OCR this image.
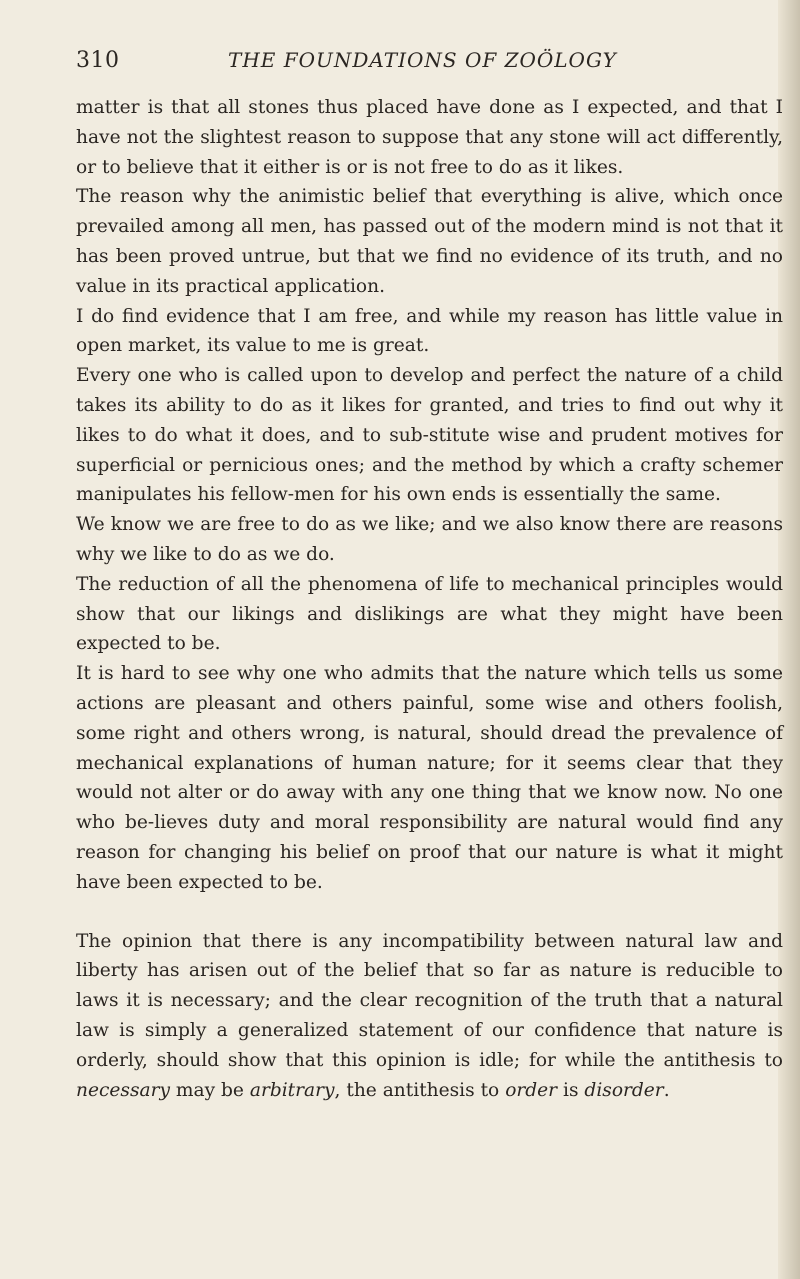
310	THE FOUNDATIONS OF ZOÖLOGY

matter is that all stones thus placed have done as I expected, and that I have not the slightest reason to suppose that any stone will act differently, or to believe that it either is or is not free to do as it likes.

The reason why the animistic belief that everything is alive, which once prevailed among all men, has passed out of the modern mind is not that it has been proved untrue, but that we find no evidence of its truth, and no value in its practical application.

I do find evidence that I am free, and while my reason has little value in open market, its value to me is great.

Every one who is called upon to develop and perfect the nature of a child takes its ability to do as it likes for granted, and tries to find out why it likes to do what it does, and to sub-stitute wise and prudent motives for superficial or pernicious ones; and the method by which a crafty schemer manipulates his fellow-men for his own ends is essentially the same.

We know we are free to do as we like; and we also know there are reasons why we like to do as we do.

The reduction of all the phenomena of life to mechanical principles would show that our likings and dislikings are what they might have been expected to be.

It is hard to see why one who admits that the nature which tells us some actions are pleasant and others painful, some wise and others foolish, some right and others wrong, is natural, should dread the prevalence of mechanical explanations of human nature; for it seems clear that they would not alter or do away with any one thing that we know now. No one who be-lieves duty and moral responsibility are natural would find any reason for changing his belief on proof that our nature is what it might have been expected to be.

The opinion that there is any incompatibility between natural law and liberty has arisen out of the belief that so far as nature is reducible to laws it is necessary; and the clear recognition of the truth that a natural law is simply a generalized statement of our confidence that nature is orderly, should show that this opinion is idle; for while the antithesis to necessary may be arbitrary, the antithesis to order is disorder.
